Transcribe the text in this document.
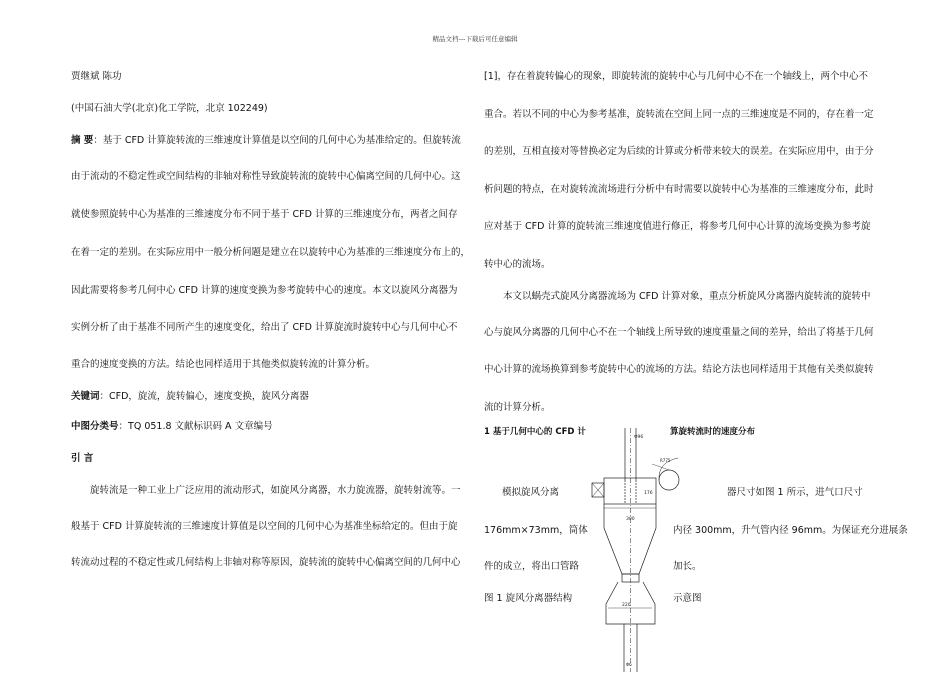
精品文档---下载后可任意编辑
贾继斌 陈功
(中国石油大学(北京)化工学院，北京 102249)
摘 要：基于 CFD 计算旋转流的三维速度计算值是以空间的几何中心为基准给定的。但旋转流
由于流动的不稳定性或空间结构的非轴对称性导致旋转流的旋转中心偏离空间的几何中心。这
就使参照旋转中心为基准的三维速度分布不同于基于 CFD 计算的三维速度分布，两者之间存
在着一定的差别。在实际应用中一般分析问题是建立在以旋转中心为基准的三维速度分布上的，
因此需要将参考几何中心 CFD 计算的速度变换为参考旋转中心的速度。本文以旋风分离器为
实例分析了由于基准不同所产生的速度变化，给出了 CFD 计算旋流时旋转中心与几何中心不
重合的速度变换的方法。结论也同样适用于其他类似旋转流的计算分析。
关键词：CFD，旋流，旋转偏心，速度变换，旋风分离器
中图分类号：TQ 051.8 文献标识码 A 文章编号
引 言
旋转流是一种工业上广泛应用的流动形式，如旋风分离器，水力旋流器，旋转射流等。一
般基于 CFD 计算旋转流的三维速度计算值是以空间的几何中心为基准坐标给定的。但由于旋
转流动过程的不稳定性或几何结构上非轴对称等原因，旋转流的旋转中心偏离空间的几何中心
[1]，存在着旋转偏心的现象，即旋转流的旋转中心与几何中心不在一个轴线上，两个中心不
重合。若以不同的中心为参考基准，旋转流在空间上同一点的三维速度是不同的，存在着一定
的差别，互相直接对等替换必定为后续的计算或分析带来较大的误差。在实际应用中，由于分
析问题的特点，在对旋转流流场进行分析中有时需要以旋转中心为基准的三维速度分布，此时
应对基于 CFD 计算的旋转流三维速度值进行修正，将参考几何中心计算的流场变换为参考旋
转中心的流场。
本文以蜗壳式旋风分离器流场为 CFD 计算对象，重点分析旋风分离器内旋转流的旋转中
心与旋风分离器的几何中心不在一个轴线上所导致的速度重量之间的差异，给出了将基于几何
中心计算的流场换算到参考旋转中心的流场的方法。结论方法也同样适用于其他有关类似旋转
流的计算分析。
1 基于几何中心的 CFD 计	算旋转流时的速度分布
模拟旋风分离	器尺寸如图 1 所示，进气口尺寸
176mm×73mm，筒体	内径 300mm，升气管内径 96mm。为保证充分进展条
件的成立，将出口管路	加长。
图 1 旋风分离器结构	示意图
Φ96
300
176
220
R775
Φ6
